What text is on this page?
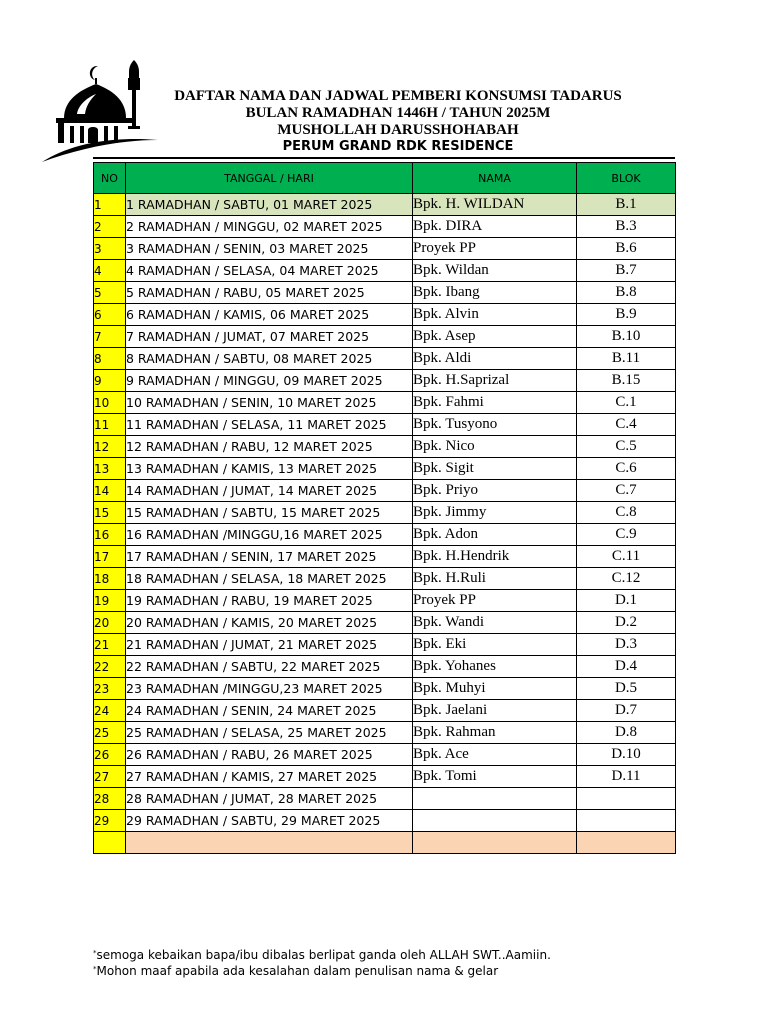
DAFTAR NAMA DAN JADWAL PEMBERI KONSUMSI TADARUS
BULAN RAMADHAN 1446H / TAHUN 2025M
MUSHOLLAH DARUSSHOHABAH
PERUM GRAND RDK RESIDENCE
NO	TANGGAL / HARI	NAMA	BLOK
1	1 RAMADHAN / SABTU, 01 MARET 2025	Bpk. H. WILDAN	B.1
2	2 RAMADHAN / MINGGU, 02 MARET 2025	Bpk. DIRA	B.3
3	3 RAMADHAN / SENIN, 03 MARET 2025	Proyek PP	B.6
4	4 RAMADHAN / SELASA, 04 MARET 2025	Bpk. Wildan	B.7
5	5 RAMADHAN / RABU, 05 MARET 2025	Bpk. Ibang	B.8
6	6 RAMADHAN / KAMIS, 06 MARET 2025	Bpk. Alvin	B.9
7	7 RAMADHAN / JUMAT, 07 MARET 2025	Bpk. Asep	B.10
8	8 RAMADHAN / SABTU, 08 MARET 2025	Bpk. Aldi	B.11
9	9 RAMADHAN / MINGGU, 09 MARET 2025	Bpk. H.Saprizal	B.15
10	10 RAMADHAN / SENIN, 10 MARET 2025	Bpk. Fahmi	C.1
11	11 RAMADHAN / SELASA, 11 MARET 2025	Bpk. Tusyono	C.4
12	12 RAMADHAN / RABU, 12 MARET 2025	Bpk. Nico	C.5
13	13 RAMADHAN / KAMIS, 13 MARET 2025	Bpk. Sigit	C.6
14	14 RAMADHAN / JUMAT, 14 MARET 2025	Bpk. Priyo	C.7
15	15 RAMADHAN / SABTU, 15 MARET 2025	Bpk. Jimmy	C.8
16	16 RAMADHAN /MINGGU,16 MARET 2025	Bpk. Adon	C.9
17	17 RAMADHAN / SENIN, 17 MARET 2025	Bpk. H.Hendrik	C.11
18	18 RAMADHAN / SELASA, 18 MARET 2025	Bpk. H.Ruli	C.12
19	19 RAMADHAN / RABU, 19 MARET 2025	Proyek PP	D.1
20	20 RAMADHAN / KAMIS, 20 MARET 2025	Bpk. Wandi	D.2
21	21 RAMADHAN / JUMAT, 21 MARET 2025	Bpk. Eki	D.3
22	22 RAMADHAN / SABTU, 22 MARET 2025	Bpk. Yohanes	D.4
23	23 RAMADHAN /MINGGU,23 MARET 2025	Bpk. Muhyi	D.5
24	24 RAMADHAN / SENIN, 24 MARET 2025	Bpk. Jaelani	D.7
25	25 RAMADHAN / SELASA, 25 MARET 2025	Bpk. Rahman	D.8
26	26 RAMADHAN / RABU, 26 MARET 2025	Bpk. Ace	D.10
27	27 RAMADHAN / KAMIS, 27 MARET 2025	Bpk. Tomi	D.11
28	28 RAMADHAN / JUMAT, 28 MARET 2025		
29	29 RAMADHAN / SABTU, 29 MARET 2025		

*semoga kebaikan bapa/ibu dibalas berlipat ganda oleh ALLAH SWT..Aamiin.
*Mohon maaf apabila ada kesalahan dalam penulisan nama & gelar
